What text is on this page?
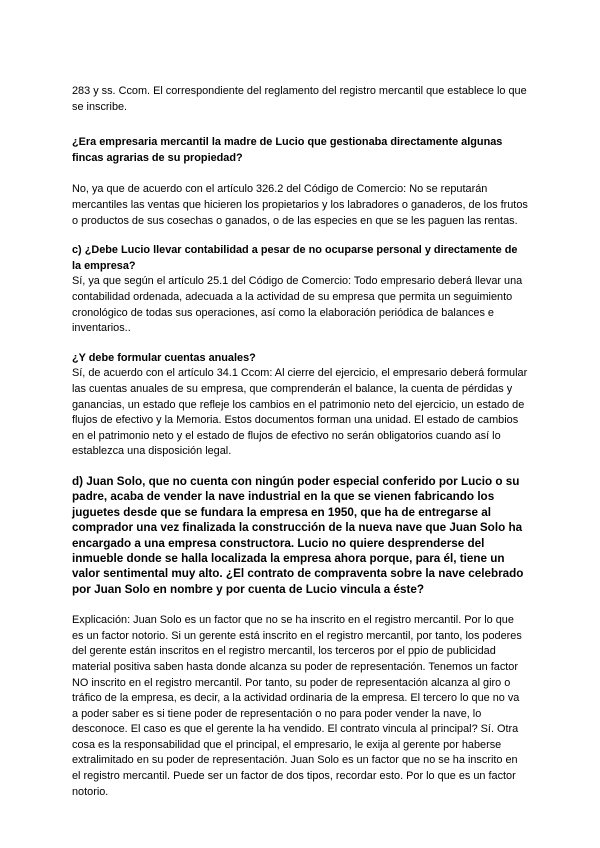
283 y ss. Ccom. El correspondiente del reglamento del registro mercantil que establece lo que se inscribe.

¿Era empresaria mercantil la madre de Lucio que gestionaba directamente algunas fincas agrarias de su propiedad?

No, ya que de acuerdo con el artículo 326.2 del Código de Comercio: No se reputarán mercantiles las ventas que hicieren los propietarios y los labradores o ganaderos, de los frutos o productos de sus cosechas o ganados, o de las especies en que se les paguen las rentas.

c) ¿Debe Lucio llevar contabilidad a pesar de no ocuparse personal y directamente de la empresa?

Sí, ya que según el artículo 25.1 del Código de Comercio: Todo empresario deberá llevar una contabilidad ordenada, adecuada a la actividad de su empresa que permita un seguimiento cronológico de todas sus operaciones, así como la elaboración periódica de balances e inventarios..

¿Y debe formular cuentas anuales?

Sí, de acuerdo con el artículo 34.1 Ccom: Al cierre del ejercicio, el empresario deberá formular las cuentas anuales de su empresa, que comprenderán el balance, la cuenta de pérdidas y ganancias, un estado que refleje los cambios en el patrimonio neto del ejercicio, un estado de flujos de efectivo y la Memoria. Estos documentos forman una unidad. El estado de cambios en el patrimonio neto y el estado de flujos de efectivo no serán obligatorios cuando así lo establezca una disposición legal.

d) Juan Solo, que no cuenta con ningún poder especial conferido por Lucio o su padre, acaba de vender la nave industrial en la que se vienen fabricando los juguetes desde que se fundara la empresa en 1950, que ha de entregarse al comprador una vez finalizada la construcción de la nueva nave que Juan Solo ha encargado a una empresa constructora. Lucio no quiere desprenderse del inmueble donde se halla localizada la empresa ahora porque, para él, tiene un valor sentimental muy alto. ¿El contrato de compraventa sobre la nave celebrado por Juan Solo en nombre y por cuenta de Lucio vincula a éste?

Explicación: Juan Solo es un factor que no se ha inscrito en el registro mercantil. Por lo que es un factor notorio. Si un gerente está inscrito en el registro mercantil, por tanto, los poderes del gerente están inscritos en el registro mercantil, los terceros por el ppio de publicidad material positiva saben hasta donde alcanza su poder de representación. Tenemos un factor NO inscrito en el registro mercantil. Por tanto, su poder de representación alcanza al giro o tráfico de la empresa, es decir, a la actividad ordinaria de la empresa. El tercero lo que no va a poder saber es si tiene poder de representación o no para poder vender la nave, lo desconoce. El caso es que el gerente la ha vendido. El contrato vincula al principal? Sí. Otra cosa es la responsabilidad que el principal, el empresario, le exija al gerente por haberse extralimitado en su poder de representación. Juan Solo es un factor que no se ha inscrito en el registro mercantil. Puede ser un factor de dos tipos, recordar esto. Por lo que es un factor notorio.
